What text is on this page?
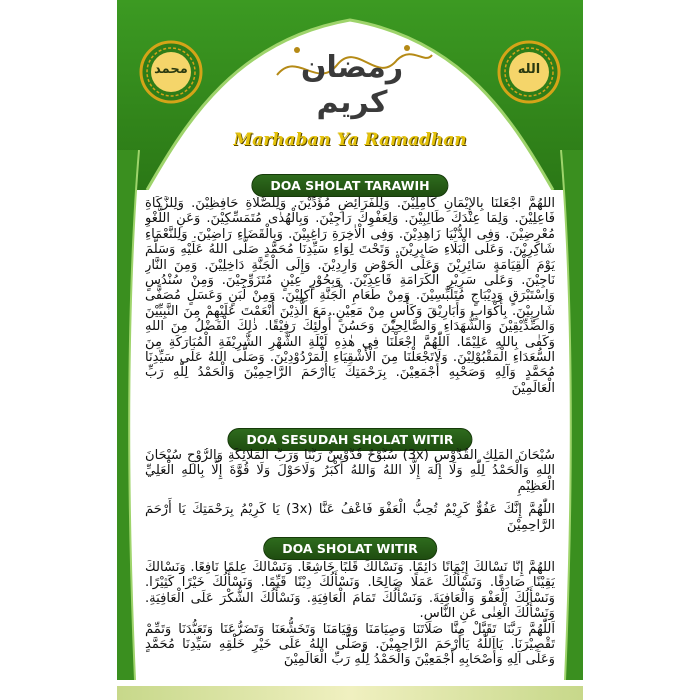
محمد	الله
رمضان كريم
Marhaban Ya Ramadhan
DOA SHOLAT TARAWIH

اللّٰهُمَّ اجْعَلْنَا بِالْإِيْمَانِ كَامِلِيْنَ. وَلِلْفَرَائِضِ مُؤَدِّيْنَ. وَلِلصَّلَاةِ حَافِظِيْنَ. وَلِلزَّكَاةِ فَاعِلِيْنَ. وَلِمَا عِنْدَكَ طَالِبِيْنَ. وَلِعَفْوِكَ رَاجِيْنَ. وَبِالْهُدٰى مُتَمَسِّكِيْنَ. وَعَنِ اللَّغْوِ مُعْرِضِيْنَ. وَفِى الدُّنْيَا زَاهِدِيْنَ. وَفِى الْاٰخِرَةِ رَاغِبِيْنَ. وَبِالْقَضَاءِ رَاضِيْنَ. وَلِلنَّعْمَاءِ شَاكِرِيْنَ. وَعَلَى الْبَلَاءِ صَابِرِيْنَ. وَتَحْتَ لِوَاءِ سَيِّدِنَا مُحَمَّدٍ صَلَّى اللهُ عَلَيْهِ وَسَلَّمَ يَوْمَ الْقِيَامَةِ سَائِرِيْنَ وَعَلَى الْحَوْضِ وَارِدِيْنَ. وَإِلَى الْجَنَّةِ دَاخِلِيْنَ. وَمِنَ النَّارِ نَاجِيْنَ. وَعَلٰى سَرِيْرِ الْكَرَامَةِ قَاعِدِيْنَ. وَبِحُوْرٍ عِيْنٍ مُتَزَوِّجِيْنَ. وَمِنْ سُنْدُسٍ وَاِسْتَبْرَقٍ وَدِيْبَاجٍ مُتَلَبِّسِيْنَ. وَمِنْ طَعَامِ الْجَنَّةِ آكِلِيْنَ. وَمِنْ لَبَنٍ وَعَسَلٍ مُصَفًّى شَارِبِيْنَ. بِأَكْوَابٍ وَأَبَارِيْقَ وَكَأْسٍ مِنْ مَعِيْنٍ. مَعَ الَّذِيْنَ أَنْعَمْتَ عَلَيْهِمْ مِنَ النَّبِيِّيْنَ وَالصِّدِّيْقِيْنَ وَالشُّهَدَاءِ وَالصَّالِحِيْنَ وَحَسُنَ أُولٰئِكَ رَفِيْقًا. ذٰلِكَ الْفَضْلُ مِنَ اللهِ وَكَفٰى بِاللهِ عَلِيْمًا. اَللّٰهُمَّ اجْعَلْنَا فِي هٰذِهِ لَيْلَةِ الشَّهْرِ الشَّرِيْفَةِ الْمُبَارَكَةِ مِنَ السُّعَدَاءِ الْمَقْبُوْلِيْنَ. وَلَاتَجْعَلْنَا مِنَ الْأَشْقِيَاءِ الْمَرْدُوْدِيْنَ. وَصَلَّى اللهُ عَلَى سَيِّدِنَا مُحَمَّدٍ وَآلِهِ وَصَحْبِهِ أَجْمَعِيْنَ. بِرَحْمَتِكَ يَاأَرْحَمَ الرَّاحِمِيْنَ وَالْحَمْدُ لِلّٰهِ رَبِّ الْعَالَمِيْنَ

DOA SESUDAH SHOLAT WITIR

سُبْحَانَ الْمَلِكِ الْقُدُّوْسِ (3x) سُبُّوْحٌ قُدُّوْسٌ رَبُّنَا وَرَبُّ الْمَلَائِكَةِ وَالرُّوْحِ سُبْحَانَ اللهِ وَالْحَمْدُ لِلّٰهِ وَلَا إِلٰهَ إِلَّا اللهُ وَاللهُ أَكْبَرُ وَلَاحَوْلَ وَلَا قُوَّةَ إِلَّا بِاللهِ الْعَلِيِّ الْعَظِيْمِ

اللّٰهُمَّ إِنَّكَ عَفُوٌّ كَرِيْمٌ تُحِبُّ الْعَفْوَ فَاعْفُ عَنَّا (3x) يَا كَرِيْمُ بِرَحْمَتِكَ يَا أَرْحَمَ الرَّاحِمِيْنَ

DOA SHOLAT WITIR

اَللّٰهُمَّ إِنَّا نَسْأَلُكَ إِيْمَانًا دَائِمًا. وَنَسْأَلُكَ قَلْبًا خَاشِعًا. وَنَسْأَلُكَ عِلْمًا نَافِعًا. وَنَسْأَلُكَ يَقِيْنًا صَادِقًا. وَنَسْأَلُكَ عَمَلًا صَالِحًا. وَنَسْأَلُكَ دِيْنًا قَيِّمًا. وَنَسْأَلُكَ خَيْرًا كَثِيْرًا. وَنَسْأَلُكَ الْعَفْوَ وَالْعَافِيَةَ. وَنَسْأَلُكَ تَمَامَ الْعَافِيَةِ. وَنَسْأَلُكَ الشُّكْرَ عَلَى الْعَافِيَةِ. وَنَسْأَلُكَ الْغِنٰى عَنِ النَّاسِ.

اَللّٰهُمَّ رَبَّنَا تَقَبَّلْ مِنَّا صَلَاتَنَا وَصِيَامَنَا وَقِيَامَنَا وَتَخَشُّعَنَا وَتَضَرُّعَنَا وَتَعَبُّدَنَا وَتَمِّمْ تَقْصِيْرَنَا. يَااَللّٰهُ يَاأَرْحَمَ الرَّاحِمِيْنَ. وَصَلَّى اللهُ عَلَى خَيْرِ خَلْقِهِ سَيِّدِنَا مُحَمَّدٍ وَعَلَى آلِهِ وَأَصْحَابِهِ أَجْمَعِيْنَ وَالْحَمْدُ لِلّٰهِ رَبِّ الْعَالَمِيْنَ
